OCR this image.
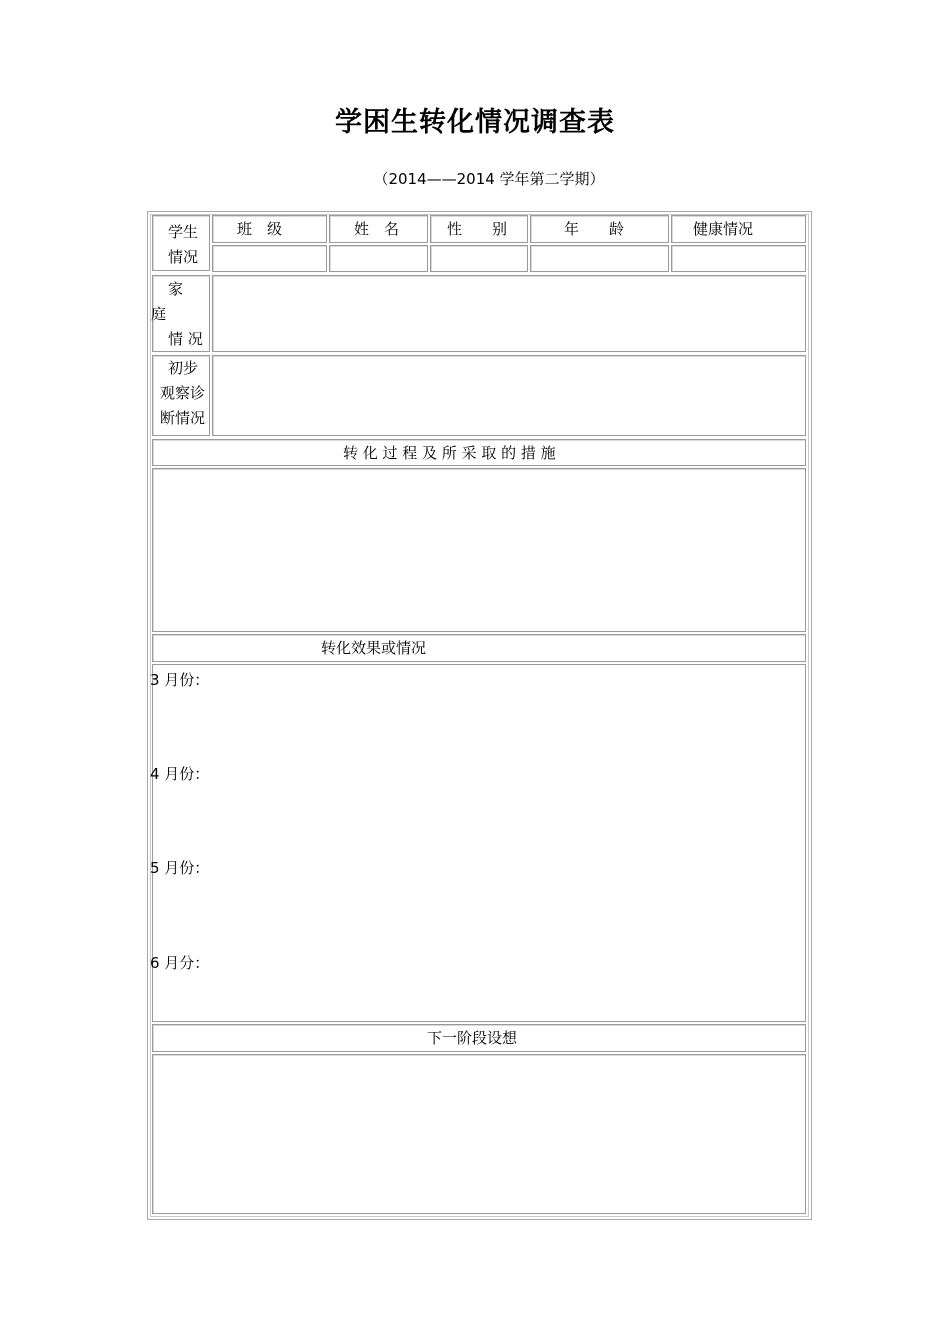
学困生转化情况调查表
（2014——2014 学年第二学期）
学生
情况
班　级	姓　名	性　　别	年　　龄	健康情况
家
庭
情 况
初步
观察诊
断情况
转 化 过 程 及 所 采 取 的 措 施
转化效果或情况
3 月份：
4 月份：
5 月份：
6 月分：
下一阶段设想
